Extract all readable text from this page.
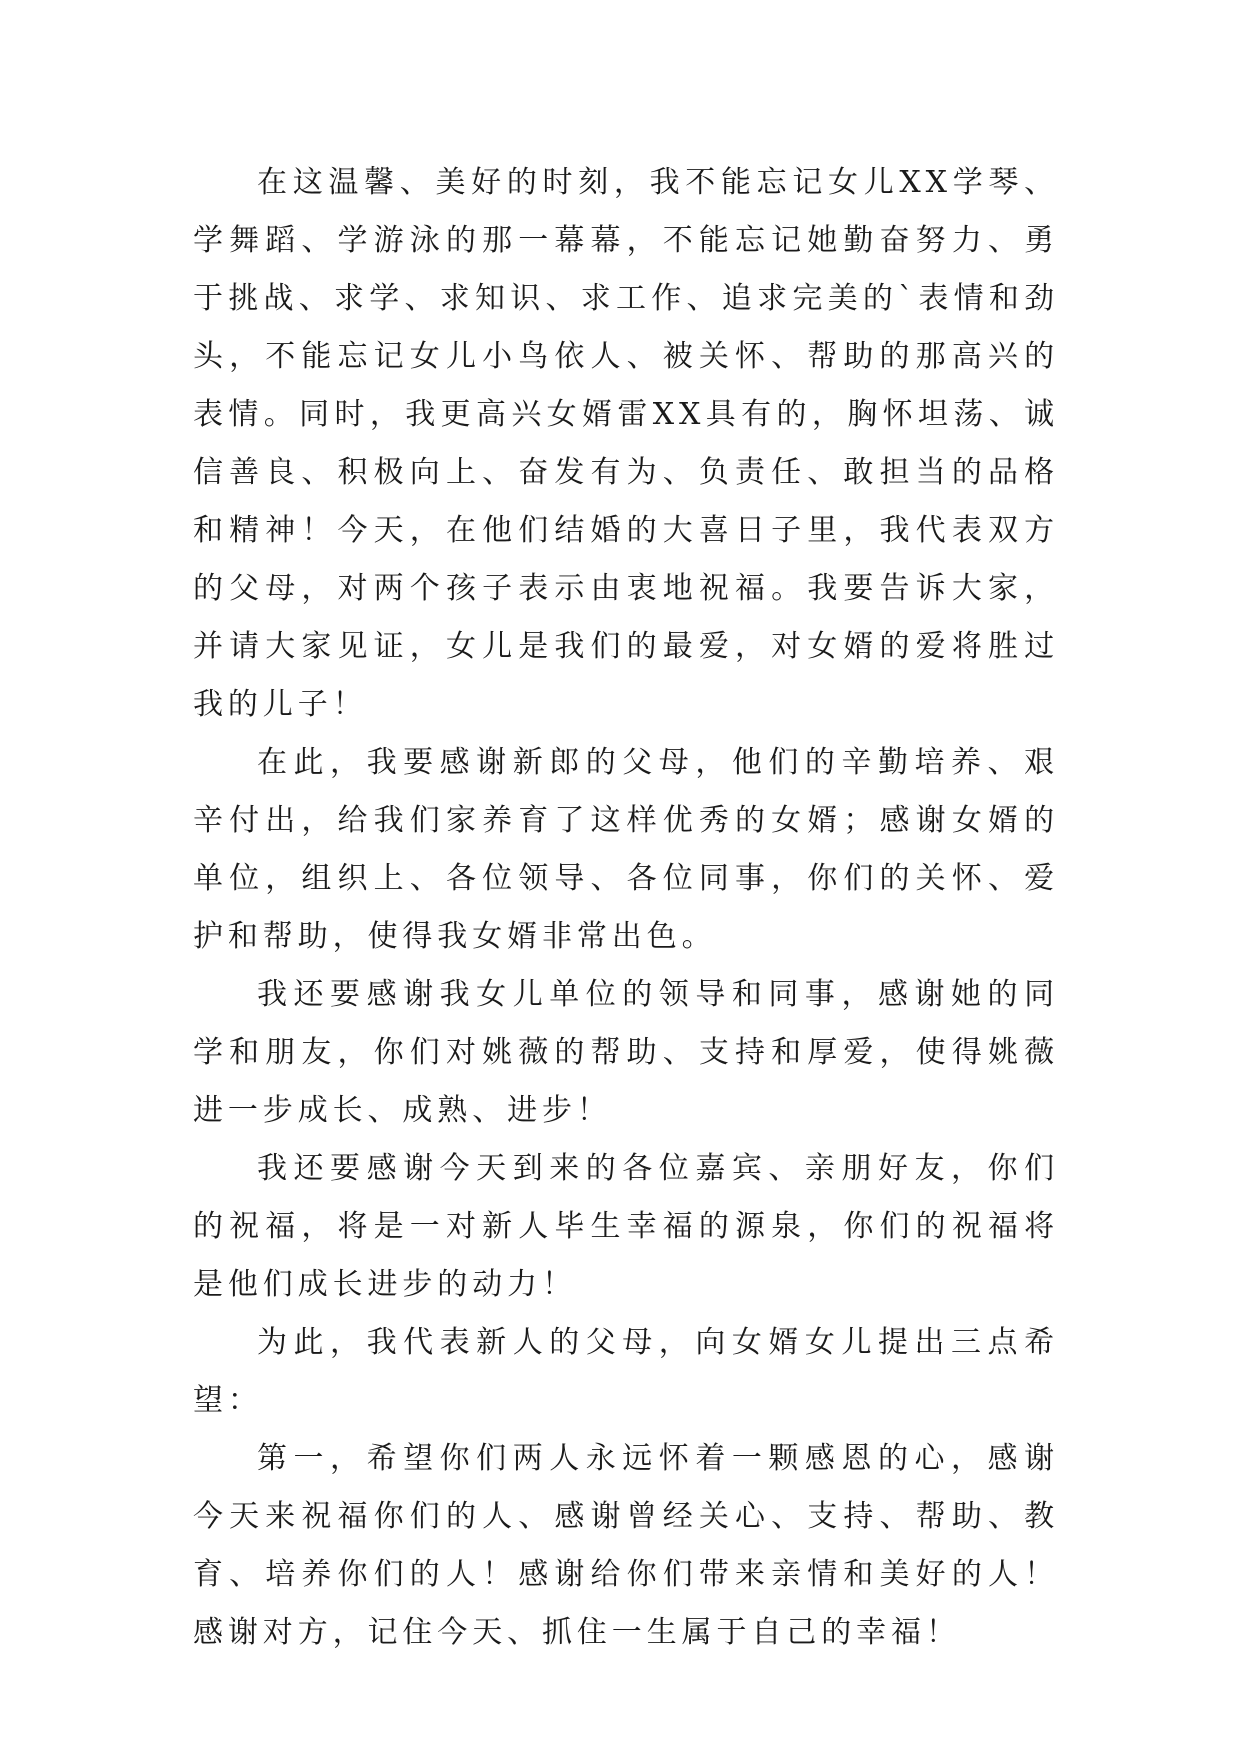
在这温馨、美好的时刻，我不能忘记女儿XX学琴、学舞蹈、学游泳的那一幕幕，不能忘记她勤奋努力、勇于挑战、求学、求知识、求工作、追求完美的`表情和劲头，不能忘记女儿小鸟依人、被关怀、帮助的那高兴的表情。同时，我更高兴女婿雷XX具有的，胸怀坦荡、诚信善良、积极向上、奋发有为、负责任、敢担当的品格和精神！今天，在他们结婚的大喜日子里，我代表双方的父母，对两个孩子表示由衷地祝福。我要告诉大家，并请大家见证，女儿是我们的最爱，对女婿的爱将胜过我的儿子！

在此，我要感谢新郎的父母，他们的辛勤培养、艰辛付出，给我们家养育了这样优秀的女婿；感谢女婿的单位，组织上、各位领导、各位同事，你们的关怀、爱护和帮助，使得我女婿非常出色。

我还要感谢我女儿单位的领导和同事，感谢她的同学和朋友，你们对姚薇的帮助、支持和厚爱，使得姚薇进一步成长、成熟、进步！

我还要感谢今天到来的各位嘉宾、亲朋好友，你们的祝福，将是一对新人毕生幸福的源泉，你们的祝福将是他们成长进步的动力！

为此，我代表新人的父母，向女婿女儿提出三点希望：

第一，希望你们两人永远怀着一颗感恩的心，感谢今天来祝福你们的人、感谢曾经关心、支持、帮助、教育、培养你们的人！感谢给你们带来亲情和美好的人！感谢对方，记住今天、抓住一生属于自己的幸福！
